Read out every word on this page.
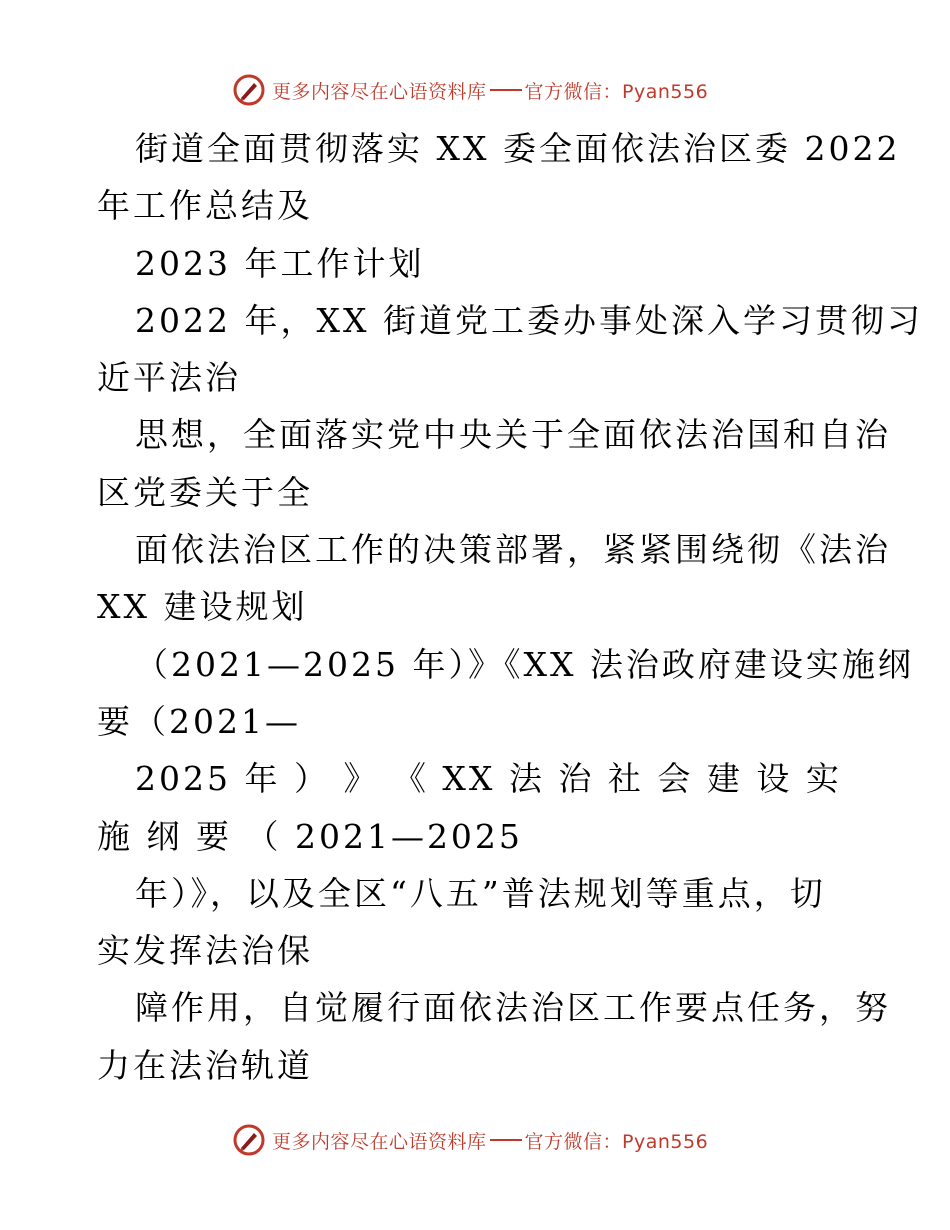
更多内容尽在心语资料库 官方微信：Pyan556
街道全面贯彻落实 XX 委全面依法治区委 2022
年工作总结及
2023 年工作计划
2022 年，XX 街道党工委办事处深入学习贯彻习
近平法治
思想，全面落实党中央关于全面依法治国和自治
区党委关于全
面依法治区工作的决策部署，紧紧围绕彻《法治
XX 建设规划
（2021—2025 年）》《XX 法治政府建设实施纲
要（2021—
2025 年 ） 》 《 XX 法 治 社 会 建 设 实
施 纲 要 （ 2021—2025
年）》，以及全区“八五”普法规划等重点，切
实发挥法治保
障作用，自觉履行面依法治区工作要点任务，努
力在法治轨道
更多内容尽在心语资料库 官方微信：Pyan556
